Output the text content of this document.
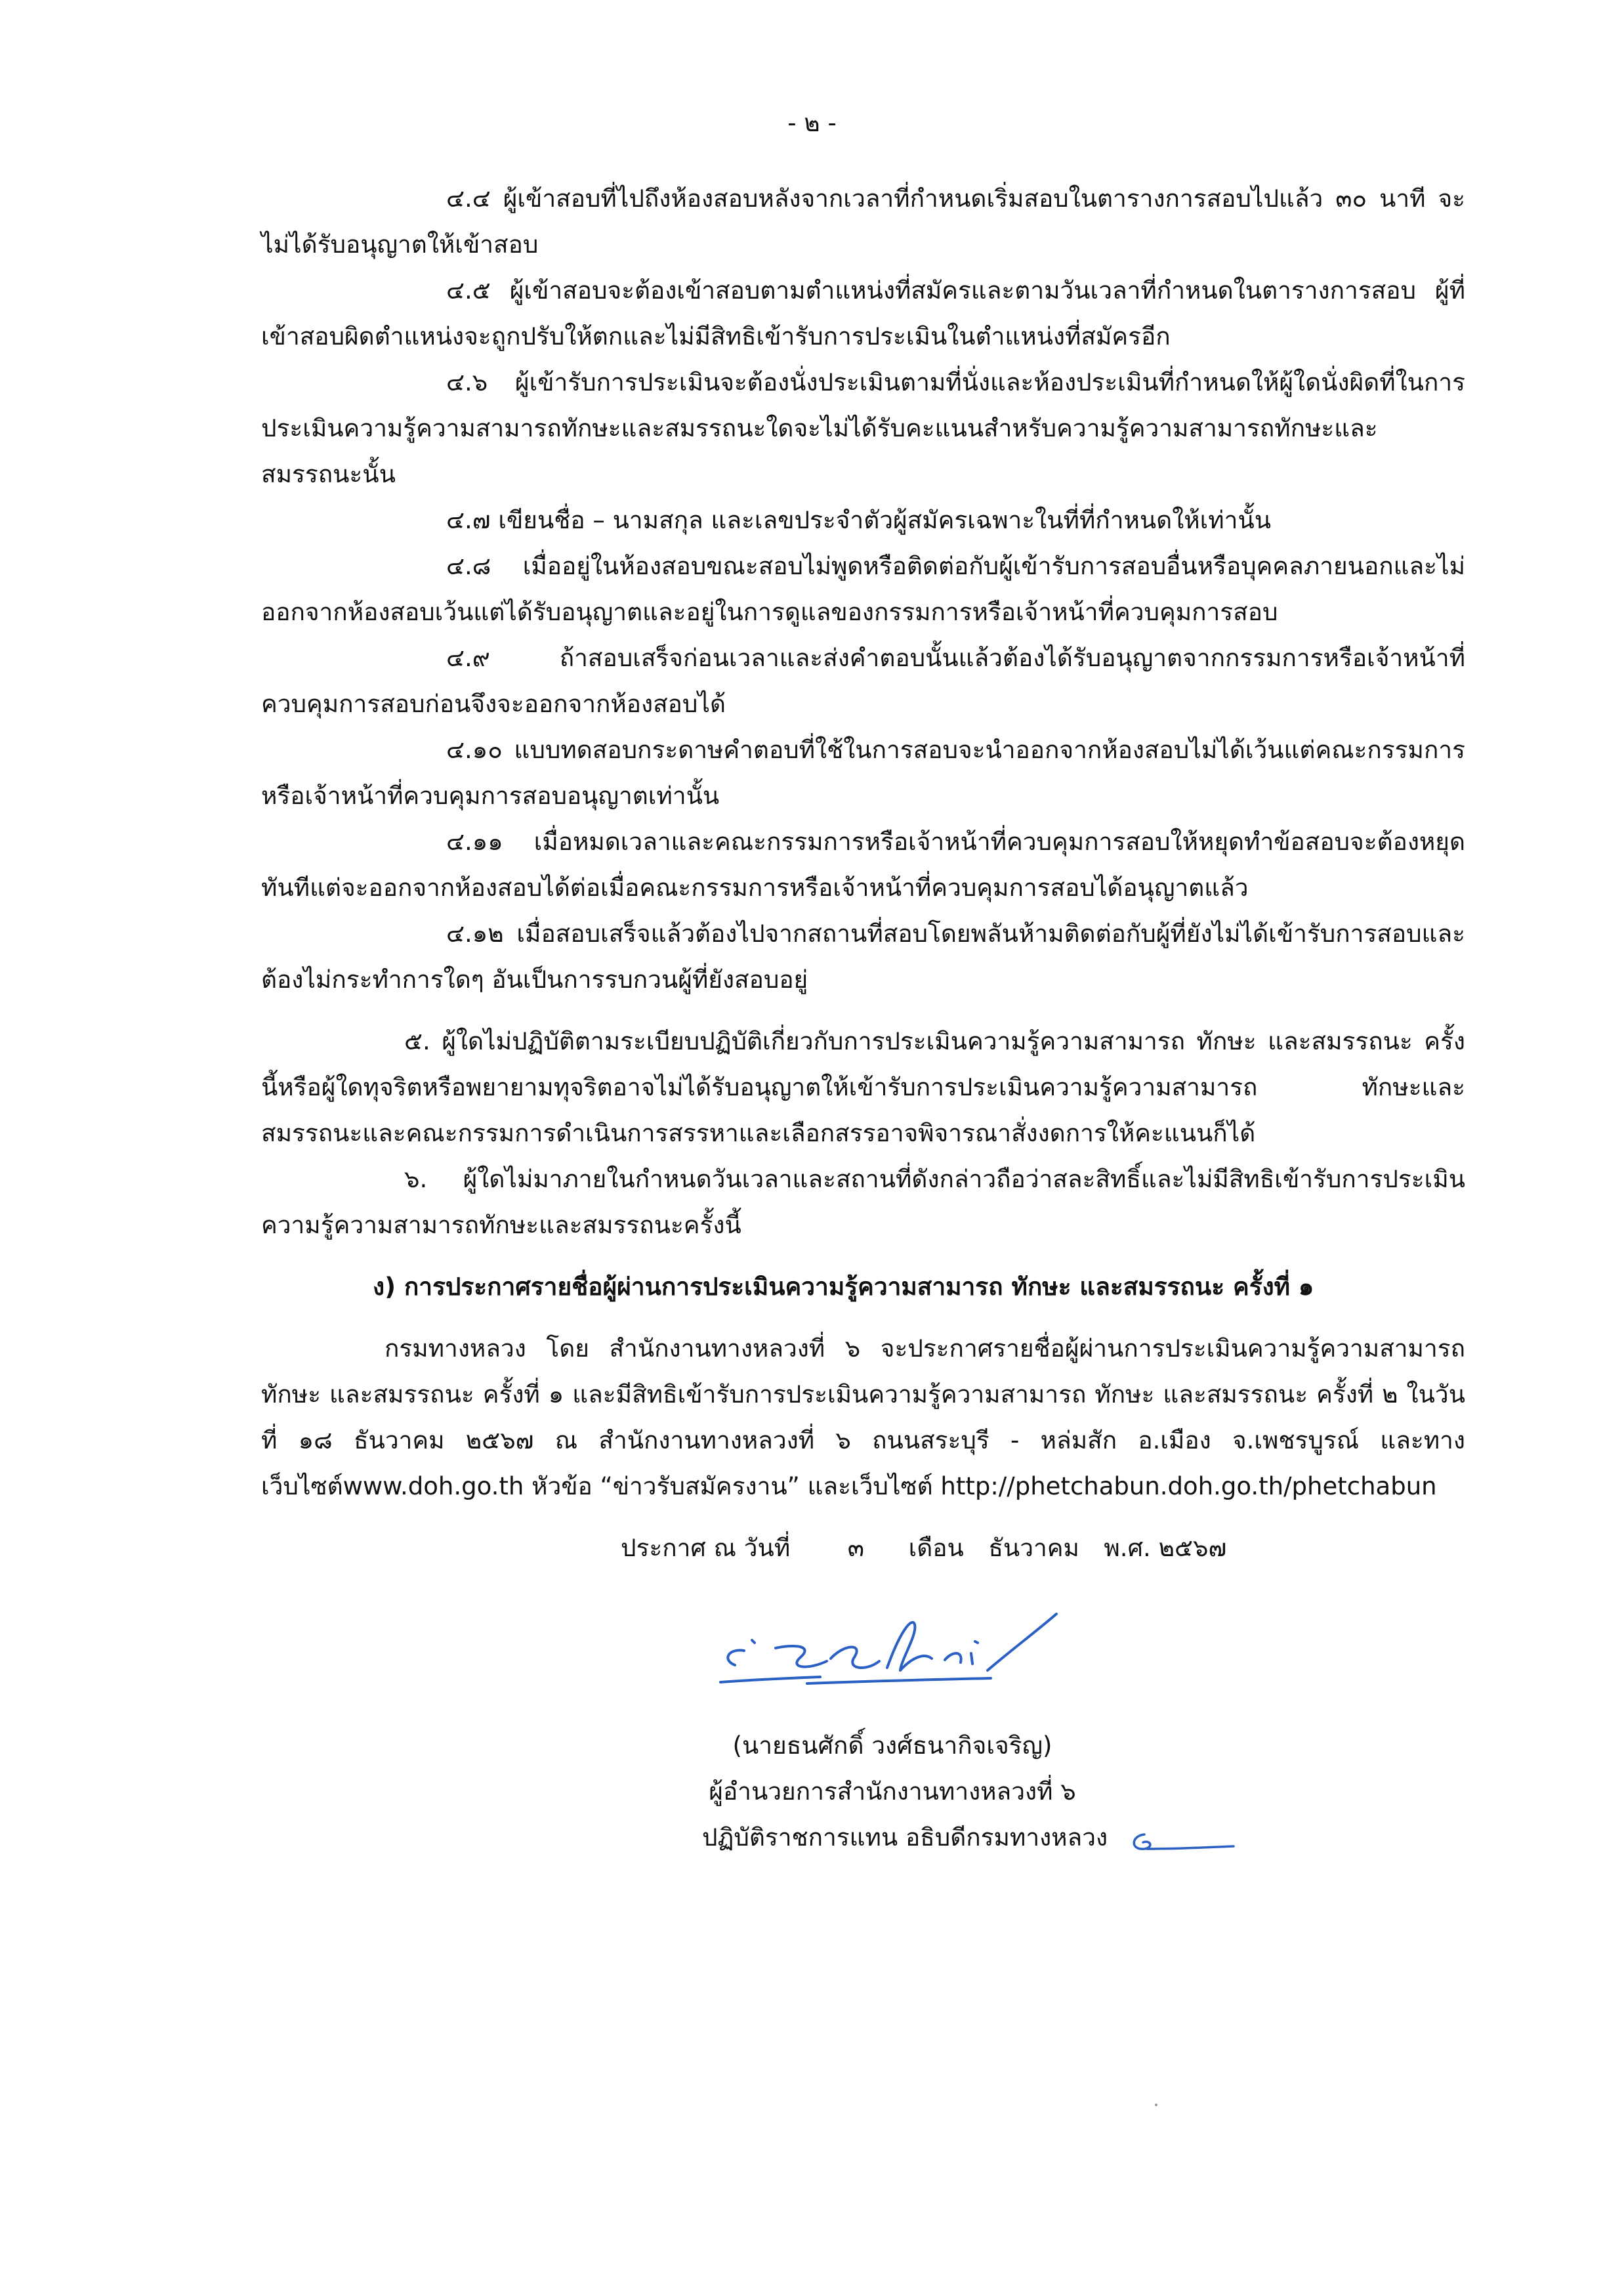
- ๒ -

๔.๔ ผู้เข้าสอบที่ไปถึงห้องสอบหลังจากเวลาที่กำหนดเริ่มสอบในตารางการสอบไปแล้ว ๓๐ นาที จะไม่ได้รับอนุญาตให้เข้าสอบ

๔.๕ ผู้เข้าสอบจะต้องเข้าสอบตามตำแหน่งที่สมัครและตามวันเวลาที่กำหนดในตารางการสอบ ผู้ที่เข้าสอบผิดตำแหน่งจะถูกปรับให้ตกและไม่มีสิทธิเข้ารับการประเมินในตำแหน่งที่สมัครอีก

๔.๖ ผู้เข้ารับการประเมินจะต้องนั่งประเมินตามที่นั่งและห้องประเมินที่กำหนดให้ผู้ใดนั่งผิดที่ในการประเมินความรู้ความสามารถทักษะและสมรรถนะใดจะไม่ได้รับคะแนนสำหรับความรู้ความสามารถทักษะและสมรรถนะนั้น

๔.๗ เขียนชื่อ – นามสกุล และเลขประจำตัวผู้สมัครเฉพาะในที่ที่กำหนดให้เท่านั้น

๔.๘ เมื่ออยู่ในห้องสอบขณะสอบไม่พูดหรือติดต่อกับผู้เข้ารับการสอบอื่นหรือบุคคลภายนอกและไม่ออกจากห้องสอบเว้นแต่ได้รับอนุญาตและอยู่ในการดูแลของกรรมการหรือเจ้าหน้าที่ควบคุมการสอบ

๔.๙ ถ้าสอบเสร็จก่อนเวลาและส่งคำตอบนั้นแล้วต้องได้รับอนุญาตจากกรรมการหรือเจ้าหน้าที่ควบคุมการสอบก่อนจึงจะออกจากห้องสอบได้

๔.๑๐ แบบทดสอบกระดาษคำตอบที่ใช้ในการสอบจะนำออกจากห้องสอบไม่ได้เว้นแต่คณะกรรมการหรือเจ้าหน้าที่ควบคุมการสอบอนุญาตเท่านั้น

๔.๑๑ เมื่อหมดเวลาและคณะกรรมการหรือเจ้าหน้าที่ควบคุมการสอบให้หยุดทำข้อสอบจะต้องหยุดทันทีแต่จะออกจากห้องสอบได้ต่อเมื่อคณะกรรมการหรือเจ้าหน้าที่ควบคุมการสอบได้อนุญาตแล้ว

๔.๑๒ เมื่อสอบเสร็จแล้วต้องไปจากสถานที่สอบโดยพลันห้ามติดต่อกับผู้ที่ยังไม่ได้เข้ารับการสอบและต้องไม่กระทำการใดๆ อันเป็นการรบกวนผู้ที่ยังสอบอยู่

๕. ผู้ใดไม่ปฏิบัติตามระเบียบปฏิบัติเกี่ยวกับการประเมินความรู้ความสามารถ ทักษะ และสมรรถนะ ครั้งนี้หรือผู้ใดทุจริตหรือพยายามทุจริตอาจไม่ได้รับอนุญาตให้เข้ารับการประเมินความรู้ความสามารถ ทักษะและสมรรถนะและคณะกรรมการดำเนินการสรรหาและเลือกสรรอาจพิจารณาสั่งงดการให้คะแนนก็ได้

๖. ผู้ใดไม่มาภายในกำหนดวันเวลาและสถานที่ดังกล่าวถือว่าสละสิทธิ์และไม่มีสิทธิเข้ารับการประเมินความรู้ความสามารถทักษะและสมรรถนะครั้งนี้

ง) การประกาศรายชื่อผู้ผ่านการประเมินความรู้ความสามารถ ทักษะ และสมรรถนะ ครั้งที่ ๑

กรมทางหลวง โดย สำนักงานทางหลวงที่ ๖ จะประกาศรายชื่อผู้ผ่านการประเมินความรู้ความสามารถ ทักษะ และสมรรถนะ ครั้งที่ ๑ และมีสิทธิเข้ารับการประเมินความรู้ความสามารถ ทักษะ และสมรรถนะ ครั้งที่ ๒ ในวันที่ ๑๘ ธันวาคม ๒๕๖๗ ณ สำนักงานทางหลวงที่ ๖ ถนนสระบุรี - หล่มสัก อ.เมือง จ.เพชรบูรณ์ และทางเว็บไซต์www.doh.go.th หัวข้อ “ข่าวรับสมัครงาน” และเว็บไซต์ http://phetchabun.doh.go.th/phetchabun

ประกาศ ณ วันที่ ๓ เดือน ธันวาคม พ.ศ. ๒๕๖๗

(นายธนศักดิ์ วงศ์ธนากิจเจริญ)
ผู้อำนวยการสำนักงานทางหลวงที่ ๖
ปฏิบัติราชการแทน อธิบดีกรมทางหลวง
